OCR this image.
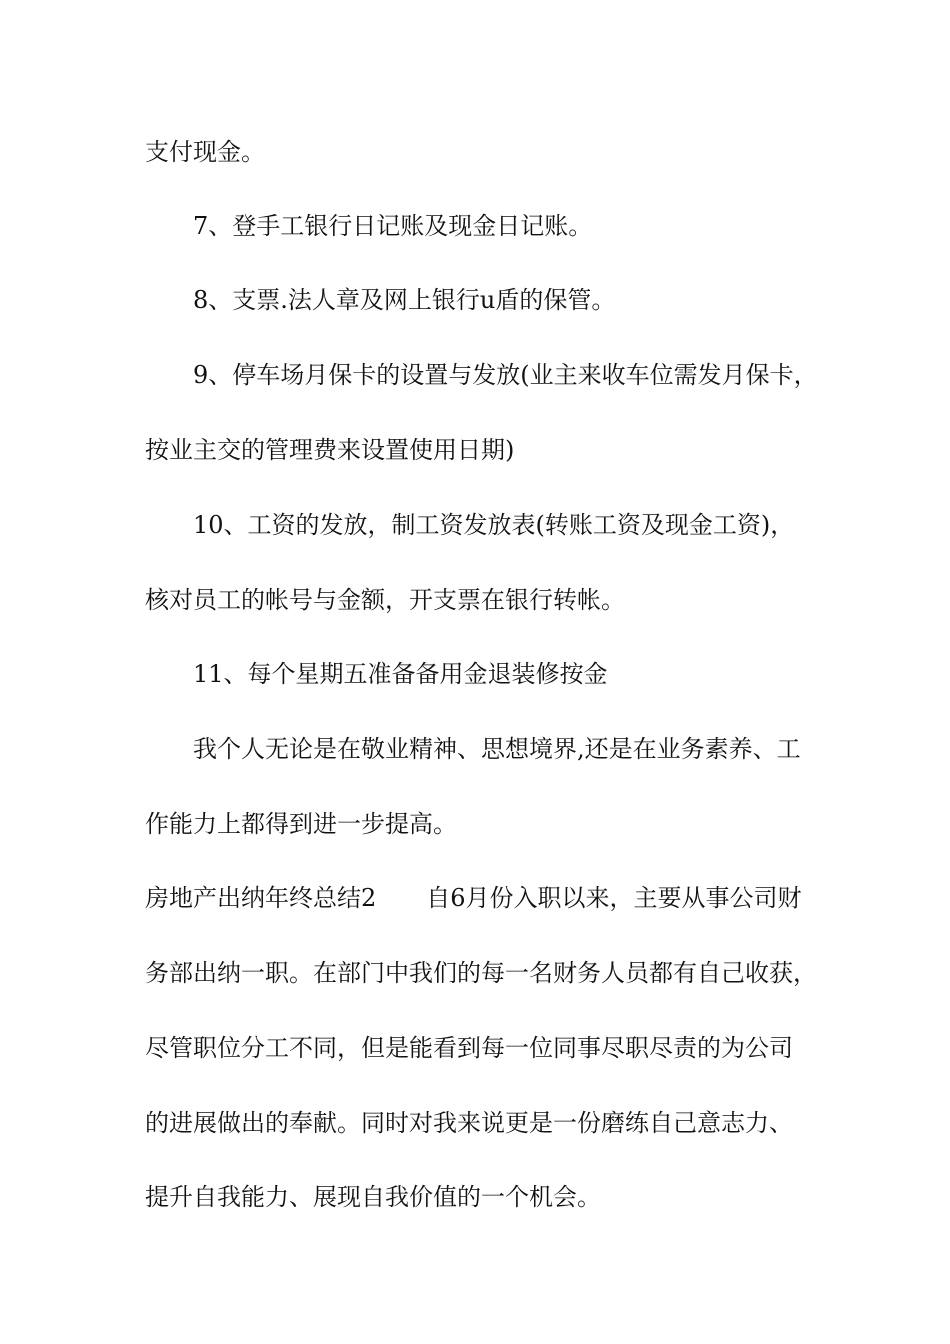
支付现金。
7、登手工银行日记账及现金日记账。
8、支票.法人章及网上银行u盾的保管。
9、停车场月保卡的设置与发放(业主来收车位需发月保卡，
按业主交的管理费来设置使用日期)
10、工资的发放，制工资发放表(转账工资及现金工资)，
核对员工的帐号与金额，开支票在银行转帐。
11、每个星期五准备备用金退装修按金
我个人无论是在敬业精神、思想境界,还是在业务素养、工
作能力上都得到进一步提高。
房地产出纳年终总结2 自6月份入职以来，主要从事公司财
务部出纳一职。在部门中我们的每一名财务人员都有自己收获，
尽管职位分工不同，但是能看到每一位同事尽职尽责的为公司
的进展做出的奉献。同时对我来说更是一份磨练自己意志力、
提升自我能力、展现自我价值的一个机会。
